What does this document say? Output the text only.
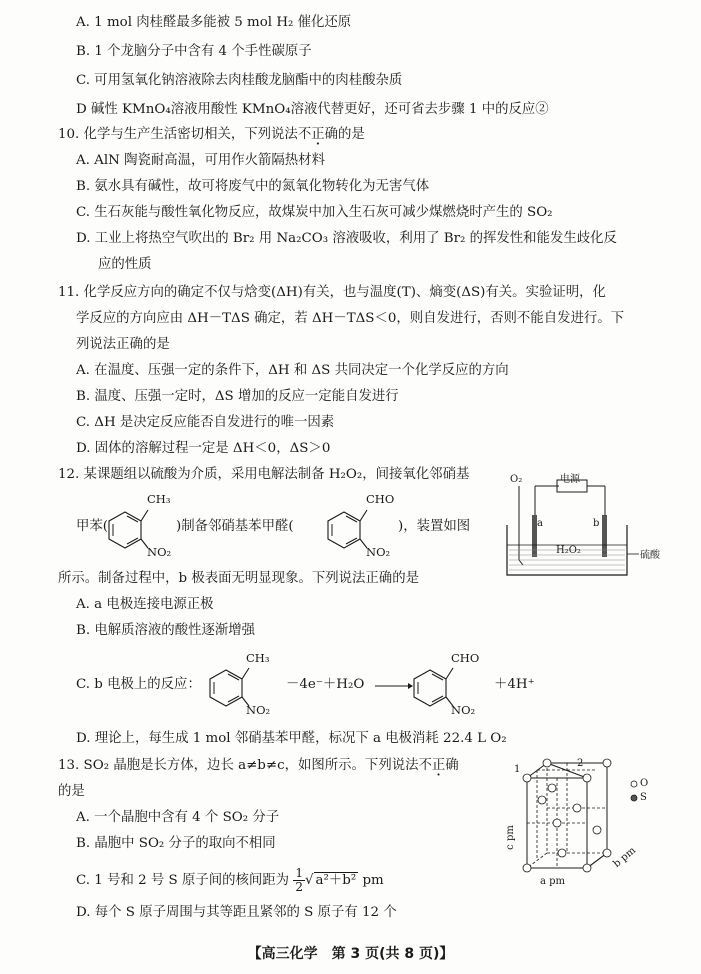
A. 1 mol 肉桂醛最多能被 5 mol H₂ 催化还原
B. 1 个龙脑分子中含有 4 个手性碳原子
C. 可用氢氧化钠溶液除去肉桂酸龙脑酯中的肉桂酸杂质
D 碱性 KMnO₄溶液用酸性 KMnO₄溶液代替更好，还可省去步骤 1 中的反应②
10. 化学与生产生活密切相关，下列说法不正确的是
A. AlN 陶瓷耐高温，可用作火箭隔热材料
B. 氨水具有碱性，故可将废气中的氮氧化物转化为无害气体
C. 生石灰能与酸性氧化物反应，故煤炭中加入生石灰可减少煤燃烧时产生的 SO₂
D. 工业上将热空气吹出的 Br₂ 用 Na₂CO₃ 溶液吸收，利用了 Br₂ 的挥发性和能发生歧化反
应的性质
11. 化学反应方向的确定不仅与焓变(ΔH)有关，也与温度(T)、熵变(ΔS)有关。实验证明，化
学反应的方向应由 ΔH－TΔS 确定，若 ΔH－TΔS＜0，则自发进行，否则不能自发进行。下
列说法正确的是
A. 在温度、压强一定的条件下，ΔH 和 ΔS 共同决定一个化学反应的方向
B. 温度、压强一定时，ΔS 增加的反应一定能自发进行
C. ΔH 是决定反应能否自发进行的唯一因素
D. 固体的溶解过程一定是 ΔH＜0，ΔS＞0
12. 某课题组以硫酸为介质，采用电解法制备 H₂O₂，间接氧化邻硝基
甲苯(
CH₃
NO₂
)制备邻硝基苯甲醛(
CHO
NO₂
)，装置如图
O₂	电源
a	b
H₂O₂	硫酸
所示。制备过程中，b 极表面无明显现象。下列说法正确的是
A. a 电极连接电源正极
B. 电解质溶液的酸性逐渐增强
C. b 电极上的反应：
CH₃
NO₂
－4e⁻＋H₂O →
CHO
NO₂
＋4H⁺
D. 理论上，每生成 1 mol 邻硝基苯甲醛，标况下 a 电极消耗 22.4 L O₂
13. SO₂ 晶胞是长方体，边长 a≠b≠c，如图所示。下列说法不正确
的是
A. 一个晶胞中含有 4 个 SO₂ 分子
B. 晶胞中 SO₂ 分子的取向不相同
C. 1 号和 2 号 S 原子间的核间距为 $\frac{1}{2}$ √ a²＋b² pm
D. 每个 S 原子周围与其等距且紧邻的 S 原子有 12 个
1
2
O
S
c pm
a pm
b pm
【高三化学　第 3 页(共 8 页)】
